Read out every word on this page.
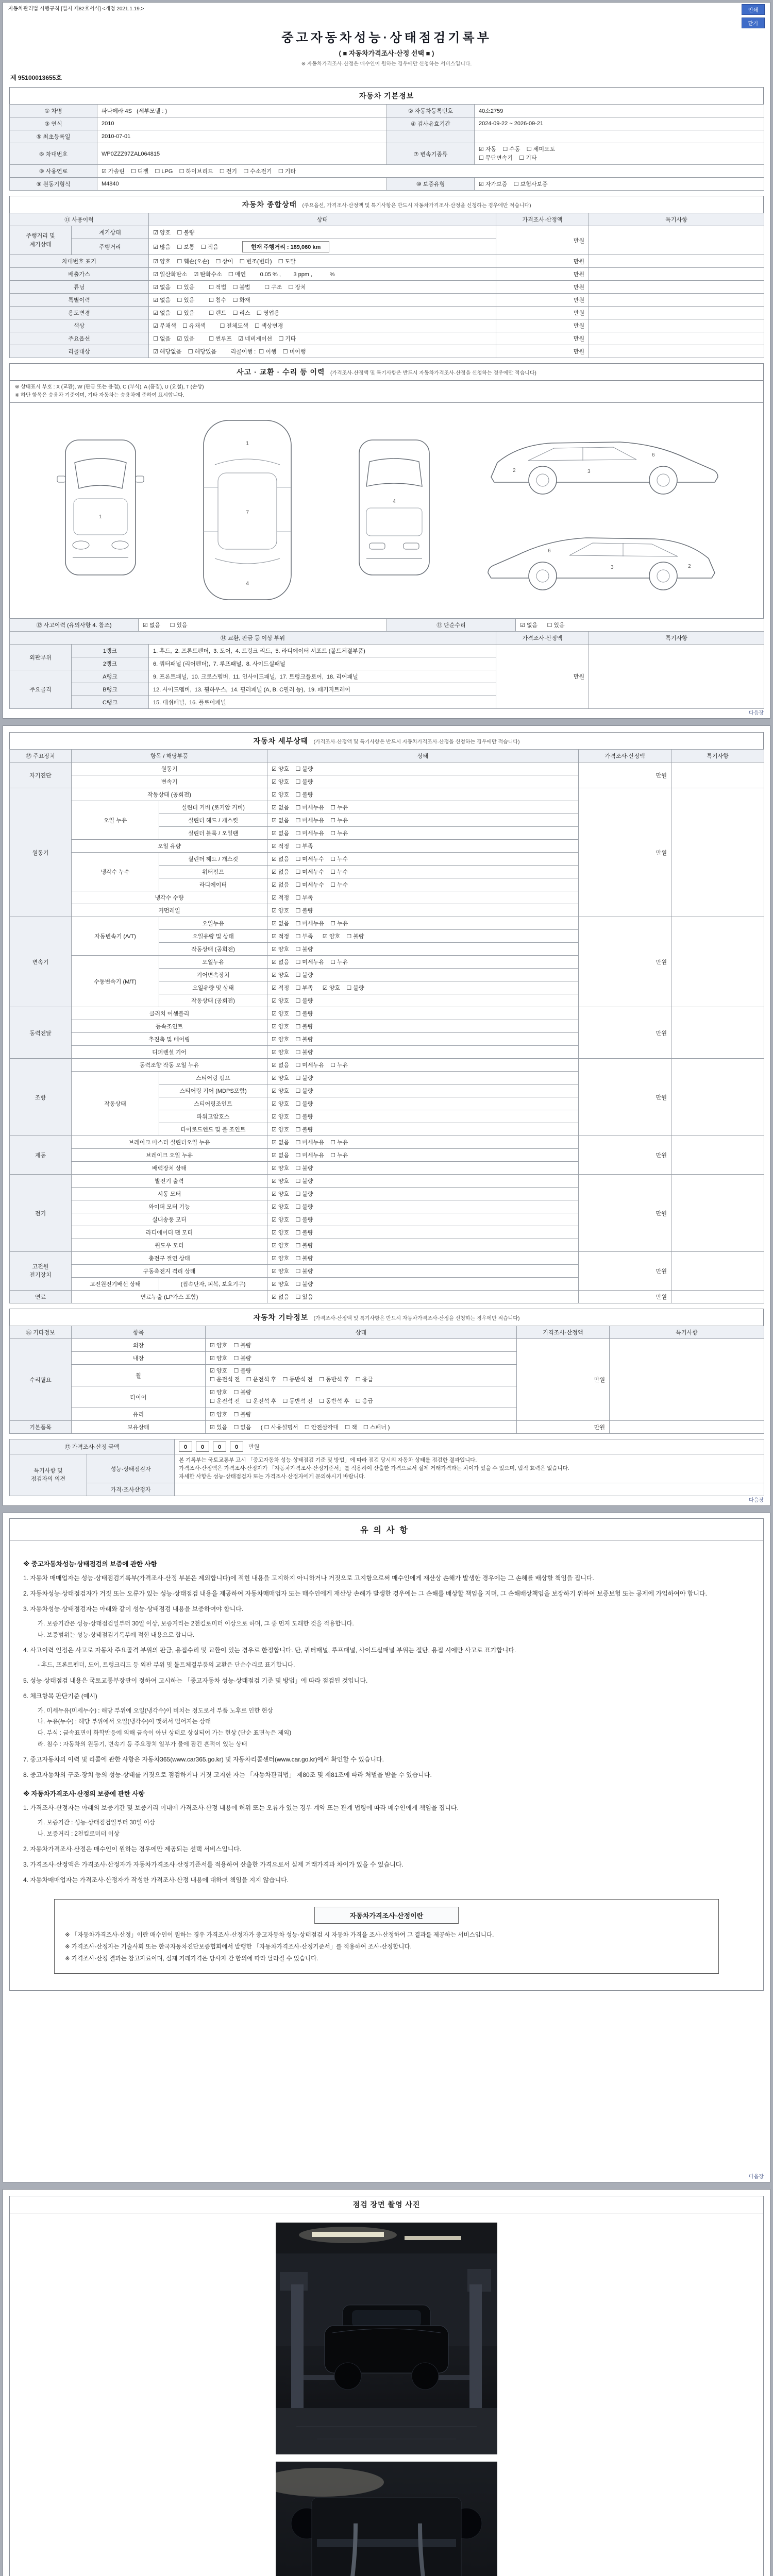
자동차관리법 시행규칙 [별지 제82호서식] <개정 2021.1.19.>	인쇄
닫기
중고자동차성능·상태점검기록부
( ■ 자동차가격조사·산정 선택 ■ )
※ 자동차가격조사·산정은 매수인이 원하는 경우에만 신청하는 서비스입니다.
제 95100013655호
자동차 기본정보
① 차명	파나메라 4S   (세부모델 : )	② 자동차등록번호	40소2759
③ 연식	2010	④ 검사유효기간	2024-09-22 ~ 2026-09-21
⑤ 최초등록일	2010-07-01		
⑥ 차대번호	WP0ZZZ97ZAL064815	⑦ 변속기종류	☑ 자동    ☐ 수동    ☐ 세미오토
☐ 무단변속기    ☐ 기타

⑧ 사용연료	☑ 가솔린    ☐ 디젤    ☐ LPG    ☐ 하이브리드    ☐ 전기    ☐ 수소전기    ☐ 기타		
⑨ 원동기형식	M4840	⑩ 보증유형	☑ 자가보증    ☐ 보험사보증
자동차 종합상태 (주요옵션, 가격조사·산정액 및 특기사항은 반드시 자동차가격조사·산정을 신청하는 경우에만 적습니다)
⑪ 사용이력		상태	가격조사·산정액	특기사항

주행거리 및
계기상태	계기상태	☑ 양호    ☐ 불량	만원	
	주행거리	☑ 많음    ☐ 보통    ☐ 적음 현재 주행거리 : 189,060 km		
차대번호 표기		☑ 양호    ☐ 훼손(오손)    ☐ 상이    ☐ 변조(변타)    ☐ 도말	만원	
배출가스		☑ 일산화탄소    ☑ 탄화수소    ☐ 매연         0.05 % ,        3 ppm ,           %	만원	
튜닝		☑ 없음    ☐ 있음         ☐ 적법    ☐ 불법         ☐ 구조    ☐ 장치	만원	
특별이력		☑ 없음    ☐ 있음         ☐ 침수    ☐ 화재	만원	
용도변경		☑ 없음    ☐ 있음         ☐ 렌트    ☐ 리스    ☐ 영업용	만원	
색상		☑ 무채색    ☐ 유채색         ☐ 전체도색    ☐ 색상변경	만원	
주요옵션		☐ 없음    ☑ 있음         ☐ 썬루프    ☑ 네비게이션    ☐ 기타	만원	
리콜대상		☑ 해당없음    ☐ 해당있음         리콜이행 :  ☐ 이행    ☐ 미이행	만원	
사고 · 교환 · 수리 등 이력 (가격조사·산정액 및 특기사항은 반드시 자동차가격조사·산정을 신청하는 경우에만 적습니다)
※ 상태표시 부호 : X (교환), W (판금 또는 용접), C (부식), A (흠집), U (요철), T (손상)
※ 하단 항목은 승용차 기준이며, 기타 자동차는 승용차에 준하여 표시합니다.
1
1
7
4
4
2	3
6
2
3
6
⑫ 사고이력 (유의사항 4. 참조)	☑ 없음      ☐ 있음	⑬ 단순수리	☑ 없음      ☐ 있음
⑭ 교환, 판금 등 이상 부위			가격조사·산정액	특기사항
외판부위	1랭크	1. 후드,  2. 프론트펜더,  3. 도어,  4. 트렁크 리드,  5. 라디에이터 서포트 (볼트체결부품)	만원	
	2랭크	6. 쿼터패널 (리어펜더),  7. 루프패널,  8. 사이드실패널		
주요골격	A랭크	9. 프론트패널,  10. 크로스멤버,  11. 인사이드패널,  17. 트렁크플로어,  18. 리어패널		
	B랭크	12. 사이드멤버,  13. 휠하우스,  14. 필러패널 (A, B, C필러 등),  19. 패키지트레이		
	C랭크	15. 대쉬패널,  16. 플로어패널		
다음장
자동차 세부상태 (가격조사·산정액 및 특기사항은 반드시 자동차가격조사·산정을 신청하는 경우에만 적습니다)
⑮ 주요장치	항목 / 해당부품		상태	가격조사·산정액	특기사항
자기진단	원동기		☑ 양호    ☐ 불량	만원	
	변속기		☑ 양호    ☐ 불량		
원동기	작동상태 (공회전)		☑ 양호    ☐ 불량	만원	
	오일 누유	실린더 커버 (로커암 커버)	☑ 없음    ☐ 미세누유    ☐ 누유		
		실린더 헤드 / 개스킷	☑ 없음    ☐ 미세누유    ☐ 누유		
		실린더 블록 / 오일팬	☑ 없음    ☐ 미세누유    ☐ 누유		
	오일 유량		☑ 적정    ☐ 부족		
	냉각수 누수	실린더 헤드 / 개스킷	☑ 없음    ☐ 미세누수    ☐ 누수		
		워터펌프	☑ 없음    ☐ 미세누수    ☐ 누수		
		라디에이터	☑ 없음    ☐ 미세누수    ☐ 누수		
	냉각수 수량		☑ 적정    ☐ 부족		
	커먼레일		☑ 양호    ☐ 불량		
변속기	자동변속기 (A/T)	오일누유	☑ 없음    ☐ 미세누유    ☐ 누유	만원	
		오일유량 및 상태	☑ 적정    ☐ 부족      ☑ 양호    ☐ 불량		
		작동상태 (공회전)	☑ 양호    ☐ 불량		
	수동변속기 (M/T)	오일누유	☑ 없음    ☐ 미세누유    ☐ 누유		
		기어변속장치	☑ 양호    ☐ 불량		
		오일유량 및 상태	☑ 적정    ☐ 부족      ☑ 양호    ☐ 불량		
		작동상태 (공회전)	☑ 양호    ☐ 불량		
동력전달	클러치 어셈블리		☑ 양호    ☐ 불량	만원	
	등속조인트		☑ 양호    ☐ 불량		
	추진축 및 베어링		☑ 양호    ☐ 불량		
	디퍼렌셜 기어		☑ 양호    ☐ 불량		
조향	동력조향 작동 오일 누유		☑ 없음    ☐ 미세누유    ☐ 누유	만원	
	작동상태	스티어링 펌프	☑ 양호    ☐ 불량		
		스티어링 기어 (MDPS포함)	☑ 양호    ☐ 불량		
		스티어링조인트	☑ 양호    ☐ 불량		
		파워고압호스	☑ 양호    ☐ 불량		
		타이로드엔드 및 볼 조인트	☑ 양호    ☐ 불량		
제동	브레이크 마스터 실린더오일 누유		☑ 없음    ☐ 미세누유    ☐ 누유	만원	
	브레이크 오일 누유		☑ 없음    ☐ 미세누유    ☐ 누유		
	배력장치 상태		☑ 양호    ☐ 불량		
전기	발전기 출력		☑ 양호    ☐ 불량	만원	
	시동 모터		☑ 양호    ☐ 불량		
	와이퍼 모터 기능		☑ 양호    ☐ 불량		
	실내송풍 모터		☑ 양호    ☐ 불량		
	라디에이터 팬 모터		☑ 양호    ☐ 불량		
	윈도우 모터		☑ 양호    ☐ 불량		

고전원
전기장치	충전구 절연 상태		☑ 양호    ☐ 불량	만원	
	구동축전지 격리 상태		☑ 양호    ☐ 불량		
	고전원전기배선 상태	(접속단자, 피복, 보호기구)	☑ 양호    ☐ 불량		
연료	연료누출 (LP가스 포함)		☑ 없음    ☐ 있음	만원	
자동차 기타정보 (가격조사·산정액 및 특기사항은 반드시 자동차가격조사·산정을 신청하는 경우에만 적습니다)
⑯ 기타정보	항목	상태	가격조사·산정액	특기사항
수리필요	외장	☑ 양호    ☐ 불량	만원	
	내장	☑ 양호    ☐ 불량		
	휠	☑ 양호    ☐ 불량
☐ 운전석 전    ☐ 운전석 후    ☐ 동반석 전    ☐ 동반석 후    ☐ 응급		

	타이어	☑ 양호    ☐ 불량
☐ 운전석 전    ☐ 운전석 후    ☐ 동반석 전    ☐ 동반석 후    ☐ 응급		

	유리	☑ 양호    ☐ 불량		
기본품목	보유상태	☑ 있음    ☐ 없음      ( ☐ 사용설명서    ☐ 안전삼각대    ☐ 잭    ☐ 스패너 )	만원	
⑰ 가격조사·산정 금액	0 0 0 0 만원
특기사항 및
점검자의 의견
	성능·상태점검자	
본 기록부는 국토교통부 고시 「중고자동차 성능·상태점검 기준 및 방법」에 따라 점검 당시의 자동차 상태를 점검한 결과입니다.
가격조사·산정액은 가격조사·산정자가 「자동차가격조사·산정기준서」를 적용하여 산출한 가격으로서 실제 거래가격과는 차이가 있을 수 있으며, 법적 효력은 없습니다.
자세한 사항은 성능·상태점검자 또는 가격조사·산정자에게 문의하시기 바랍니다.

	가격·조사산정자	
다음장
유의사항
※ 중고자동차성능·상태점검의 보증에 관한 사항
1. 자동차 매매업자는 성능·상태점검기록부(가격조사·산정 부분은 제외합니다)에 적힌 내용을 고지하지 아니하거나 거짓으로 고지함으로써 매수인에게 재산상 손해가 발생한 경우에는 그 손해를 배상할 책임을 집니다.
2. 자동차성능·상태점검자가 거짓 또는 오류가 있는 성능·상태점검 내용을 제공하여 자동차매매업자 또는 매수인에게 재산상 손해가 발생한 경우에는 그 손해를 배상할 책임을 지며, 그 손해배상책임을 보장하기 위하여 보증보험 또는 공제에 가입하여야 합니다.
3. 자동차성능·상태점검자는 아래와 같이 성능·상태점검 내용을 보증하여야 합니다.
가. 보증기간은 성능·상태점검일부터 30일 이상, 보증거리는 2천킬로미터 이상으로 하며, 그 중 먼저 도래한 것을 적용합니다.
나. 보증범위는 성능·상태점검기록부에 적힌 내용으로 합니다.
4. 사고이력 인정은 사고로 자동차 주요골격 부위의 판금, 용접수리 및 교환이 있는 경우로 한정합니다. 단, 쿼터패널, 루프패널, 사이드실패널 부위는 절단, 용접 시에만 사고로 표기합니다.
- 후드, 프론트펜더, 도어, 트렁크리드 등 외판 부위 및 볼트체결부품의 교환은 단순수리로 표기합니다.
5. 성능·상태점검 내용은 국토교통부장관이 정하여 고시하는 「중고자동차 성능·상태점검 기준 및 방법」에 따라 점검된 것입니다.
6. 체크항목 판단기준 (예시)
가. 미세누유(미세누수) : 해당 부위에 오일(냉각수)이 비치는 정도로서 부품 노후로 인한 현상
나. 누유(누수) : 해당 부위에서 오일(냉각수)이 맺혀서 떨어지는 상태
다. 부식 : 금속표면이 화학반응에 의해 금속이 아닌 상태로 상실되어 가는 현상 (단순 표면녹은 제외)
라. 침수 : 자동차의 원동기, 변속기 등 주요장치 일부가 물에 잠긴 흔적이 있는 상태
7. 중고자동차의 이력 및 리콜에 관한 사항은 자동차365(www.car365.go.kr) 및 자동차리콜센터(www.car.go.kr)에서 확인할 수 있습니다.
8. 중고자동차의 구조·장치 등의 성능·상태를 거짓으로 점검하거나 거짓 고지한 자는 「자동차관리법」 제80조 및 제81조에 따라 처벌을 받을 수 있습니다.
※ 자동차가격조사·산정의 보증에 관한 사항
1. 가격조사·산정자는 아래의 보증기간 및 보증거리 이내에 가격조사·산정 내용에 허위 또는 오류가 있는 경우 계약 또는 관계 법령에 따라 매수인에게 책임을 집니다.
가. 보증기간 : 성능·상태점검일부터 30일 이상
나. 보증거리 : 2천킬로미터 이상
2. 자동차가격조사·산정은 매수인이 원하는 경우에만 제공되는 선택 서비스입니다.
3. 가격조사·산정액은 가격조사·산정자가 자동차가격조사·산정기준서를 적용하여 산출한 가격으로서 실제 거래가격과 차이가 있을 수 있습니다.
4. 자동차매매업자는 가격조사·산정자가 작성한 가격조사·산정 내용에 대하여 책임을 지지 않습니다.
자동차가격조사·산정이란
※ 「자동차가격조사·산정」이란 매수인이 원하는 경우 가격조사·산정자가 중고자동차 성능·상태점검 시 자동차 가격을 조사·산정하여 그 결과를 제공하는 서비스입니다.
※ 가격조사·산정자는 기술사회 또는 한국자동차진단보증협회에서 발행한 「자동차가격조사·산정기준서」를 적용하여 조사·산정합니다.
※ 가격조사·산정 결과는 참고자료이며, 실제 거래가격은 당사자 간 합의에 따라 달라질 수 있습니다.
다음장
점검 장면 촬영 사진
